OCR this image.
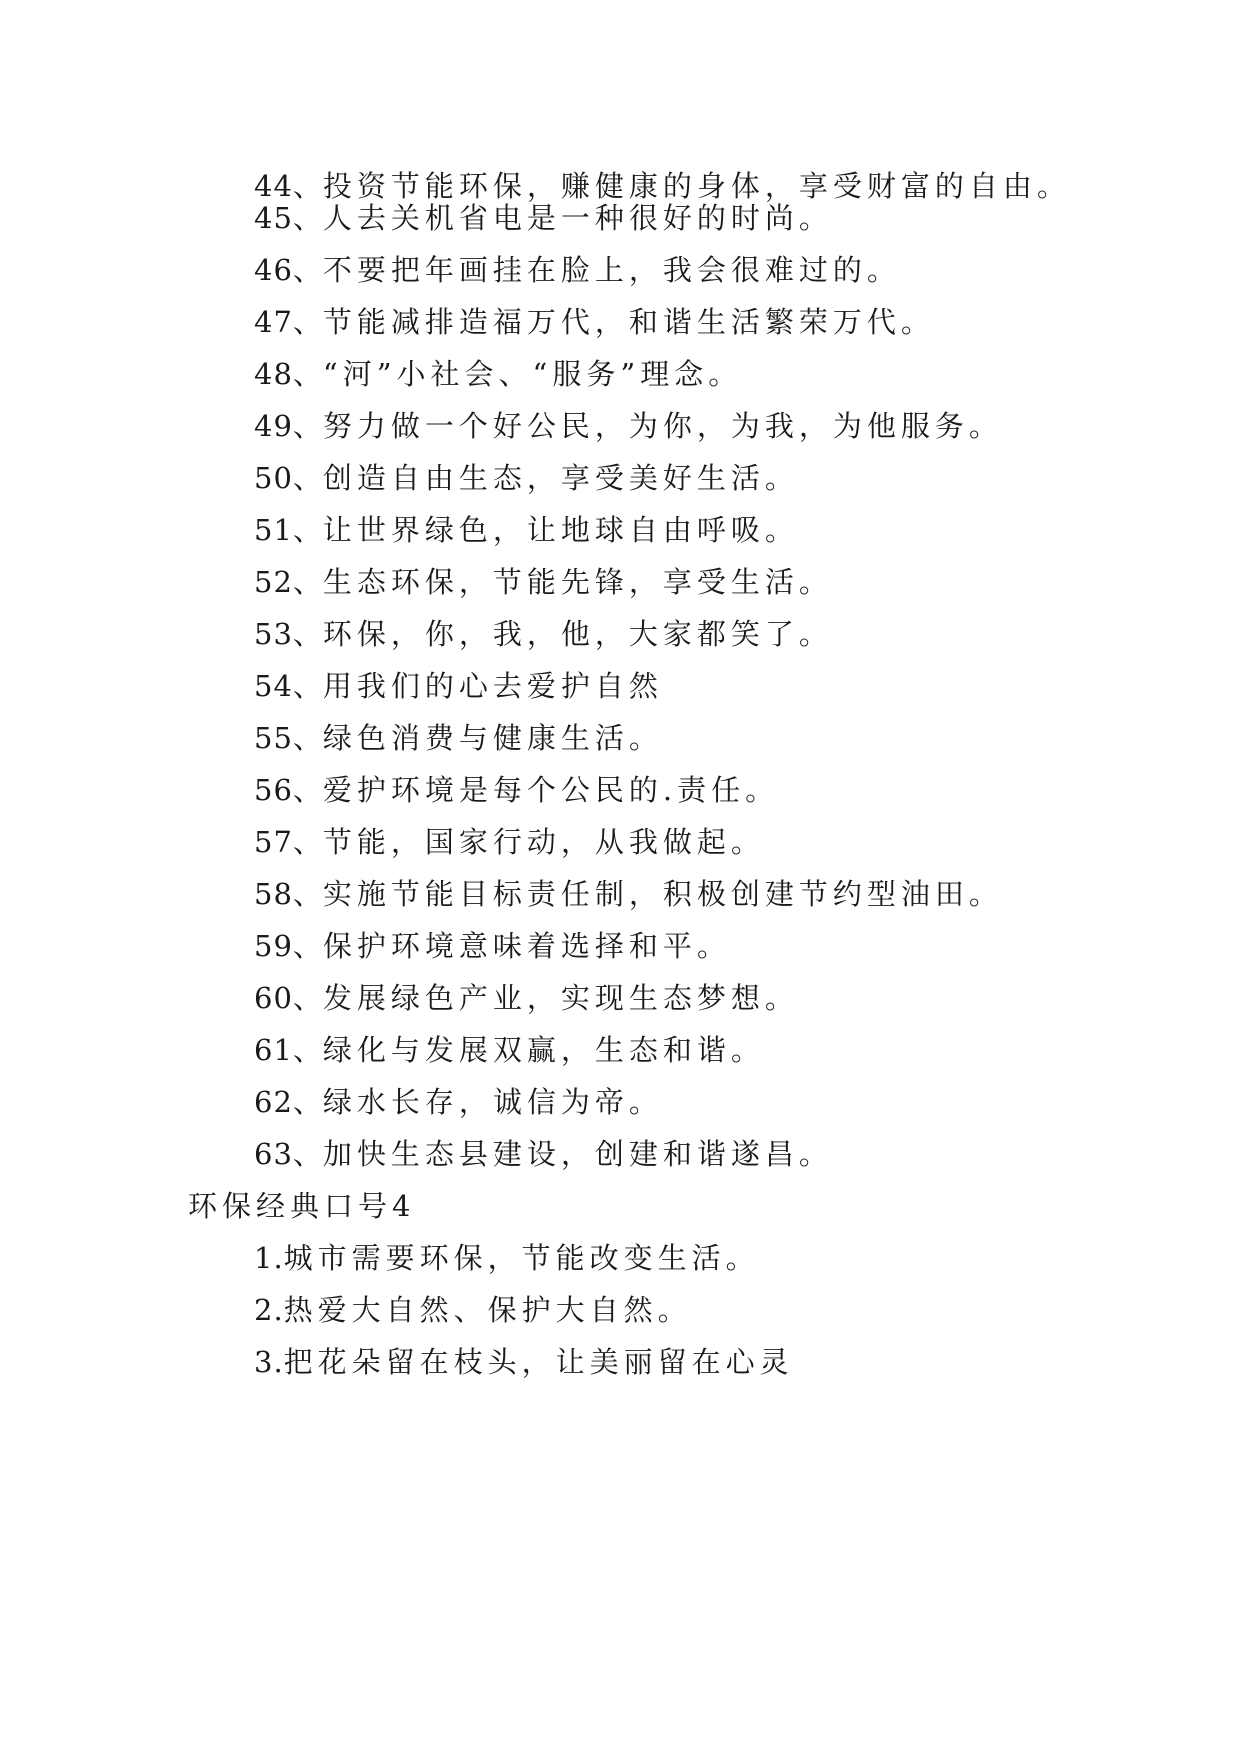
44、投资节能环保，赚健康的身体，享受财富的自由。
45、人去关机省电是一种很好的时尚。
46、不要把年画挂在脸上，我会很难过的。
47、节能减排造福万代，和谐生活繁荣万代。
48、“河”小社会、“服务”理念。
49、努力做一个好公民，为你，为我，为他服务。
50、创造自由生态，享受美好生活。
51、让世界绿色，让地球自由呼吸。
52、生态环保，节能先锋，享受生活。
53、环保，你，我，他，大家都笑了。
54、用我们的心去爱护自然
55、绿色消费与健康生活。
56、爱护环境是每个公民的.责任。
57、节能，国家行动，从我做起。
58、实施节能目标责任制，积极创建节约型油田。
59、保护环境意味着选择和平。
60、发展绿色产业，实现生态梦想。
61、绿化与发展双赢，生态和谐。
62、绿水长存，诚信为帝。
63、加快生态县建设，创建和谐遂昌。
环保经典口号4
1.城市需要环保，节能改变生活。
2.热爱大自然、保护大自然。
3.把花朵留在枝头，让美丽留在心灵
